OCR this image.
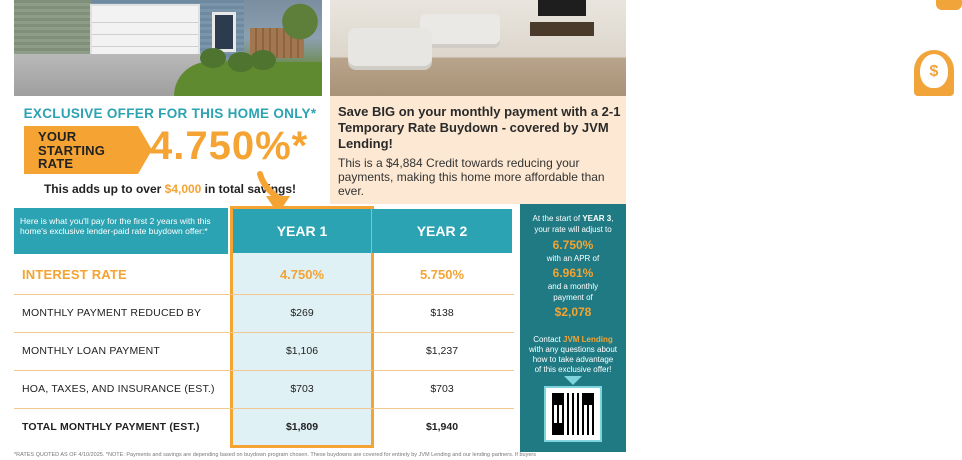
$
EXCLUSIVE OFFER FOR THIS HOME ONLY*
YOUR
STARTING
RATE	4.750%*
This adds up to over $4,000 in total savings!
Save BIG on your monthly payment with a 2-1 Temporary Rate Buydown - covered by JVM Lending!
This is a $4,884 Credit towards reducing your payments, making this home more affordable than ever.
Here is what you'll pay for the first 2 years with this home's exclusive lender-paid rate buydown offer:*	YEAR 1	YEAR 2
INTEREST RATE	4.750%	5.750%
MONTHLY PAYMENT REDUCED BY	$269	$138
MONTHLY LOAN PAYMENT	$1,106	$1,237
HOA, TAXES, AND INSURANCE (EST.)	$703	$703
TOTAL MONTHLY PAYMENT (EST.)	$1,809	$1,940
At the start of YEAR 3,
your rate will adjust to
6.750%
with an APR of
6.961%
and a monthly
payment of
$2,078
Contact JVM Lending
with any questions about
how to take advantage
of this exclusive offer!
*RATES QUOTED AS OF 4/10/2025. *NOTE: Payments and savings are depending based on buydown program chosen. These buydowns are covered for entirely by JVM Lending and our lending partners. If buyers
